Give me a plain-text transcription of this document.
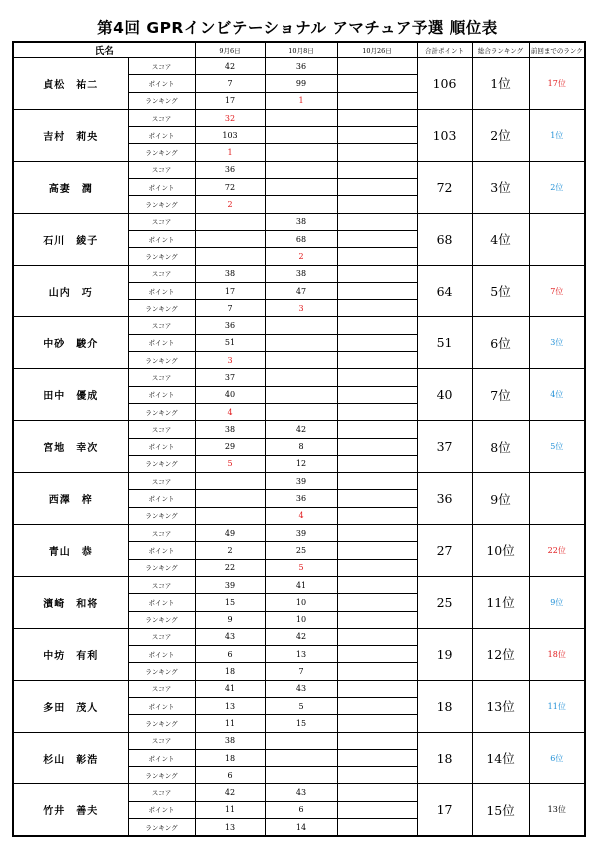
第4回 GPRインビテーショナル アマチュア予選 順位表
氏名		9月6日	10月8日	10月26日	合計ポイント	総合ランキング	前回までのランク
貞松　祐二	スコア	42	36		106	1位	17位
	ポイント	7	99				
	ランキング	17	1				
吉村　莉央	スコア	32			103	2位	1位
	ポイント	103					
	ランキング	1					
高妻　潤	スコア	36			72	3位	2位
	ポイント	72					
	ランキング	2					
石川　綾子	スコア		38		68	4位	
	ポイント		68				
	ランキング		2				
山内　巧	スコア	38	38		64	5位	7位
	ポイント	17	47				
	ランキング	7	3				
中砂　駿介	スコア	36			51	6位	3位
	ポイント	51					
	ランキング	3					
田中　優成	スコア	37			40	7位	4位
	ポイント	40					
	ランキング	4					
宮地　幸次	スコア	38	42		37	8位	5位
	ポイント	29	8				
	ランキング	5	12				
西澤　梓	スコア		39		36	9位	
	ポイント		36				
	ランキング		4				
青山　恭	スコア	49	39		27	10位	22位
	ポイント	2	25				
	ランキング	22	5				
濱崎　和将	スコア	39	41		25	11位	9位
	ポイント	15	10				
	ランキング	9	10				
中坊　有利	スコア	43	42		19	12位	18位
	ポイント	6	13				
	ランキング	18	7				
多田　茂人	スコア	41	43		18	13位	11位
	ポイント	13	5				
	ランキング	11	15				
杉山　彰浩	スコア	38			18	14位	6位
	ポイント	18					
	ランキング	6					
竹井　善夫	スコア	42	43		17	15位	13位
	ポイント	11	6				
	ランキング	13	14				
